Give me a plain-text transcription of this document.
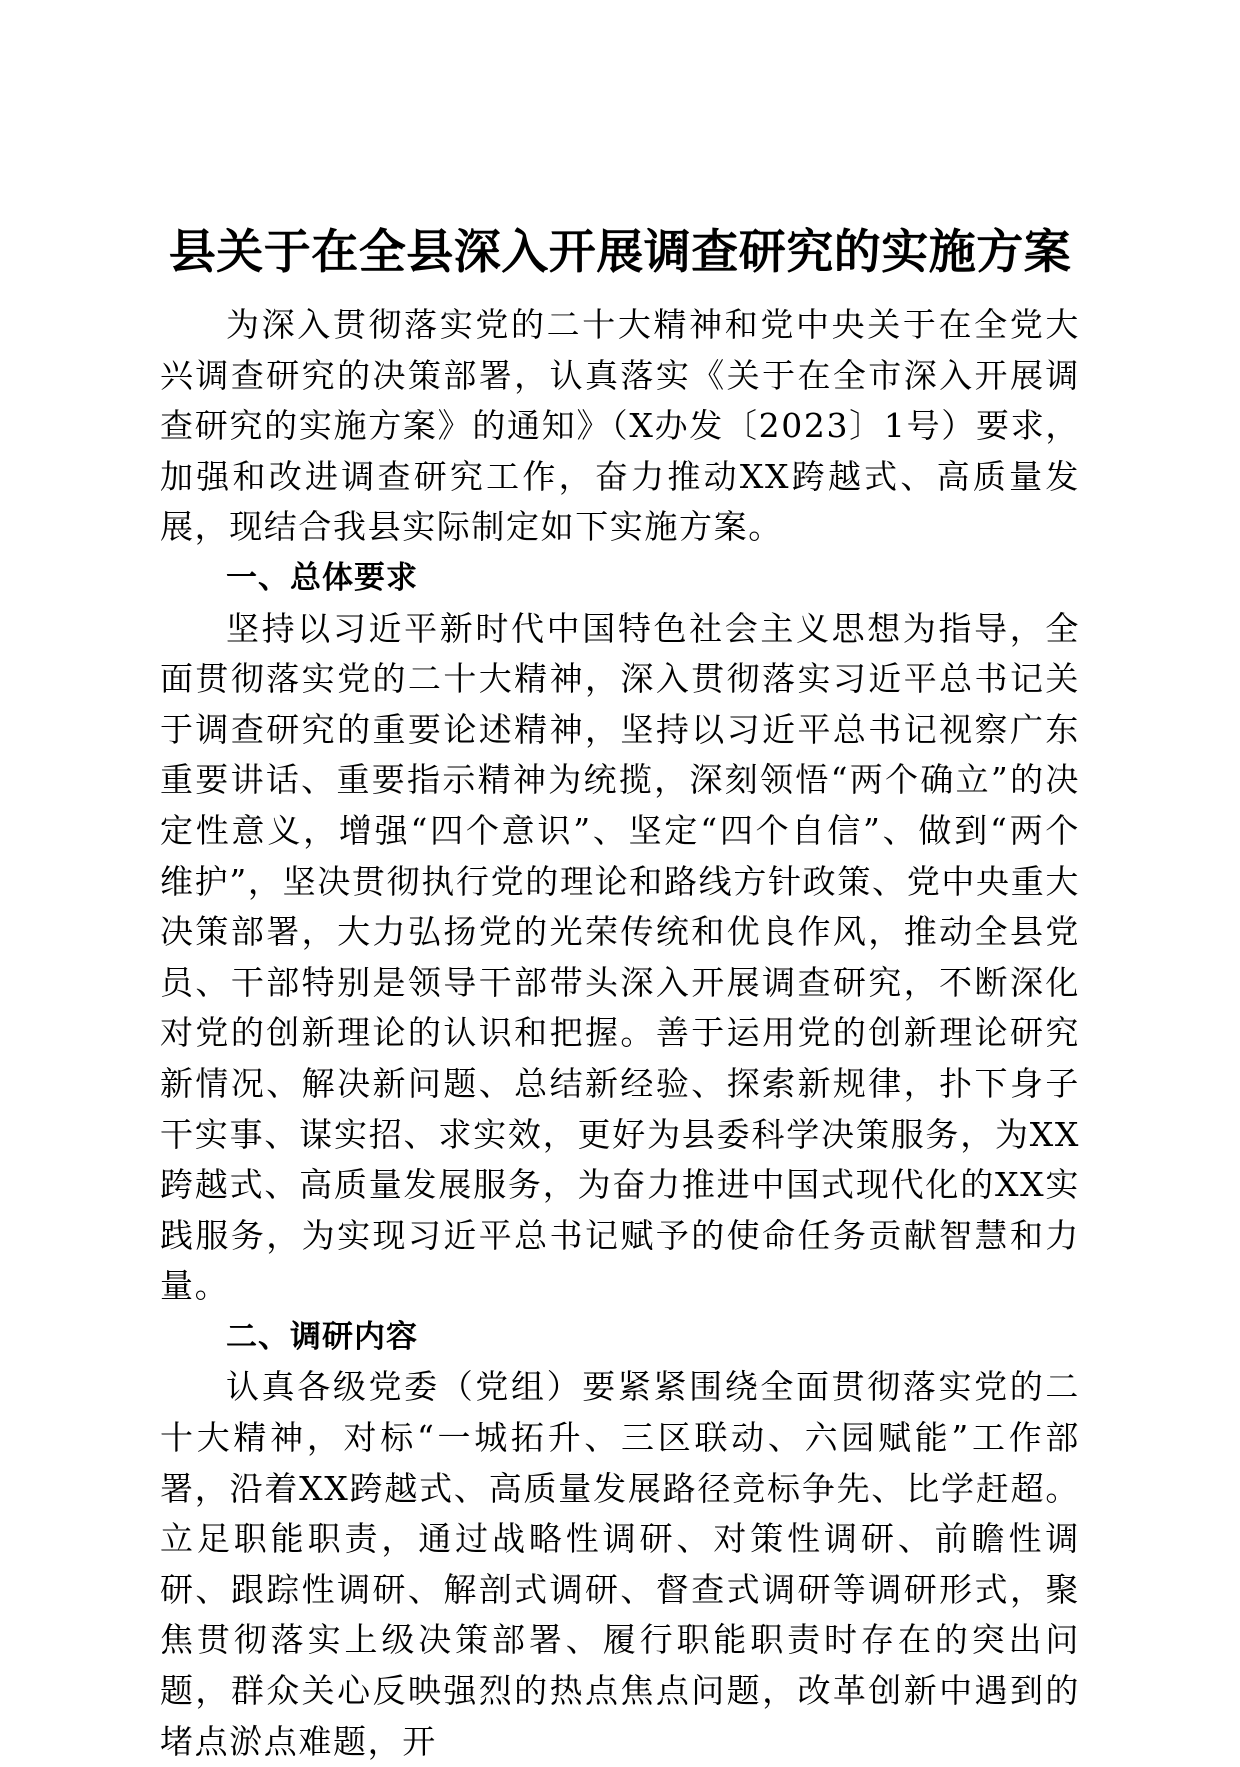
县关于在全县深入开展调查研究的实施方案

为深入贯彻落实党的二十大精神和党中央关于在全党大兴调查研究的决策部署，认真落实《关于在全市深入开展调查研究的实施方案》的通知》（X办发〔2023〕1号）要求，加强和改进调查研究工作，奋力推动XX跨越式、高质量发展，现结合我县实际制定如下实施方案。

一、总体要求

坚持以习近平新时代中国特色社会主义思想为指导，全面贯彻落实党的二十大精神，深入贯彻落实习近平总书记关于调查研究的重要论述精神，坚持以习近平总书记视察广东重要讲话、重要指示精神为统揽，深刻领悟“两个确立”的决定性意义，增强“四个意识”、坚定“四个自信”、做到“两个维护”，坚决贯彻执行党的理论和路线方针政策、党中央重大决策部署，大力弘扬党的光荣传统和优良作风，推动全县党员、干部特别是领导干部带头深入开展调查研究，不断深化对党的创新理论的认识和把握。善于运用党的创新理论研究新情况、解决新问题、总结新经验、探索新规律，扑下身子干实事、谋实招、求实效，更好为县委科学决策服务，为XX跨越式、高质量发展服务，为奋力推进中国式现代化的XX实践服务，为实现习近平总书记赋予的使命任务贡献智慧和力量。

二、调研内容

认真各级党委（党组）要紧紧围绕全面贯彻落实党的二十大精神，对标“一城拓升、三区联动、六园赋能”工作部署，沿着XX跨越式、高质量发展路径竞标争先、比学赶超。立足职能职责，通过战略性调研、对策性调研、前瞻性调研、跟踪性调研、解剖式调研、督查式调研等调研形式，聚焦贯彻落实上级决策部署、履行职能职责时存在的突出问题，群众关心反映强烈的热点焦点问题，改革创新中遇到的堵点淤点难题，开
